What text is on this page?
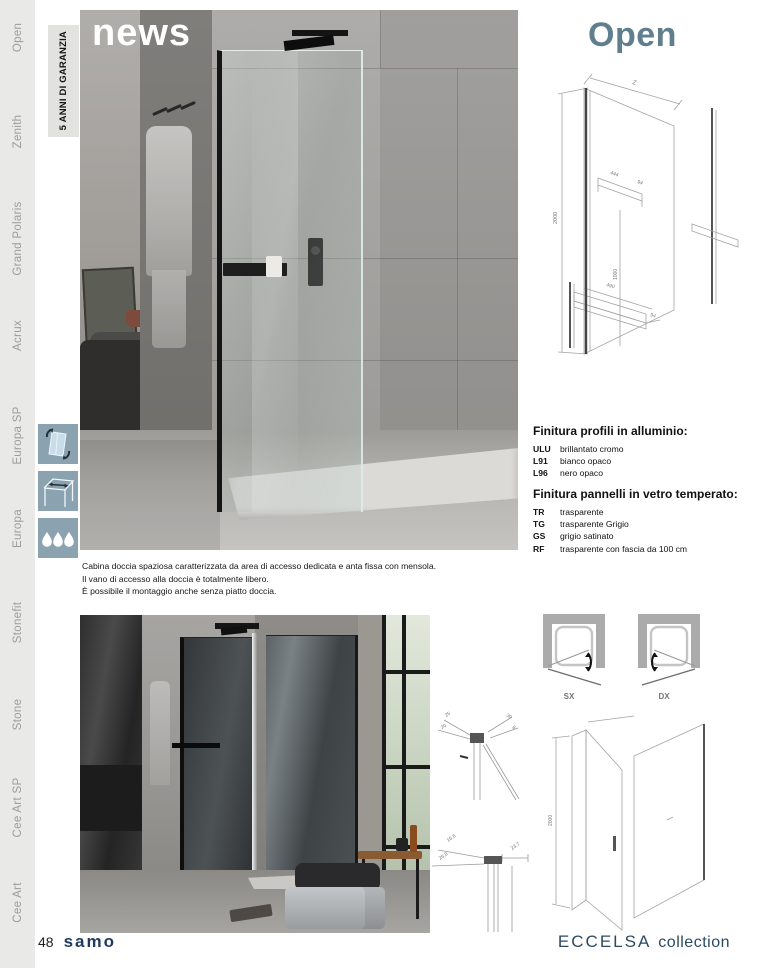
Open
Zenith
Grand Polaris
Acrux
Europa SP
Europa
Stonefit
Stone
Cee Art SP
Cee Art
5 ANNI DI GARANZIA news
Cabina doccia spaziosa caratterizzata da area di accesso dedicata e anta fissa con mensola.
Il vano di accesso alla doccia è totalmente libero.
È possibile il montaggio anche senza piatto doccia.
Open
Z
2000
444
94
1000
490
94
Finitura profili in alluminio:
ULU	brillantato cromo
L91	bianco opaco
L96	nero opaco
Finitura pannelli in vetro temperato:
TR	trasparente
TG	trasparente Grigio
GS	grigio satinato
RF	trasparente con fascia da 100 cm
SX	DX
25
20
39
8
16.6
26.8
23.7
2000
48 samo	ECCELSA collection
